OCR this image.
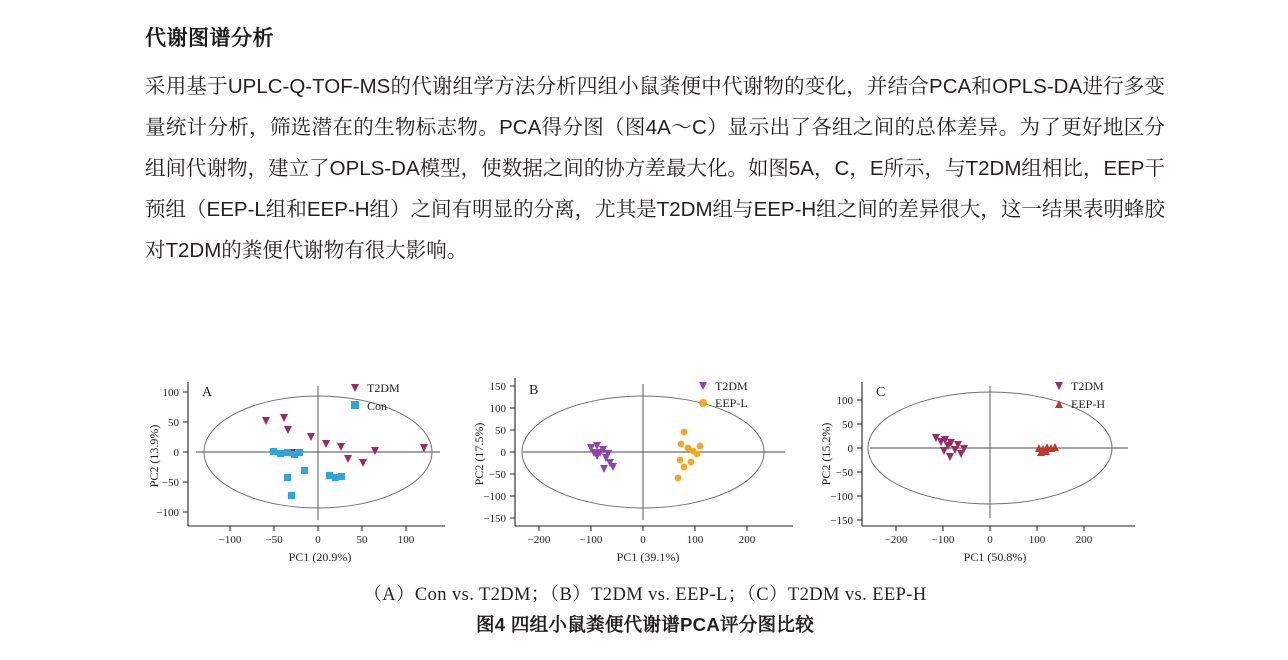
代谢图谱分析
采用基于UPLC-Q-TOF-MS的代谢组学方法分析四组小鼠粪便中代谢物的变化，并结合PCA和OPLS-DA进行多变量统计分析，筛选潜在的生物标志物。PCA得分图（图4A～C）显示出了各组之间的总体差异。为了更好地区分组间代谢物，建立了OPLS-DA模型，使数据之间的协方差最大化。如图5A，C，E所示，与T2DM组相比，EEP干预组（EEP-L组和EEP-H组）之间有明显的分离，尤其是T2DM组与EEP-H组之间的差异很大，这一结果表明蜂胶对T2DM的粪便代谢物有很大影响。
100
50
0
−50
−100
−100 −50	0	50	100
PC1 (20.9%)
PC2 (13.9%)
A	T2DM
Con
150
100
50
0
−50
−100
−150
−200	−100	0	100	200
PC1 (39.1%)
PC2 (17.5%)
B	T2DM
EEP-L	100
50
0
−50
−100
−150
−200 −100	0	100	200
PC1 (50.8%)
PC2 (15.2%)
C	T2DM
EEP-H
（A）Con vs. T2DM；（B）T2DM vs. EEP-L；（C）T2DM vs. EEP-H
图4 四组小鼠粪便代谢谱PCA评分图比较
